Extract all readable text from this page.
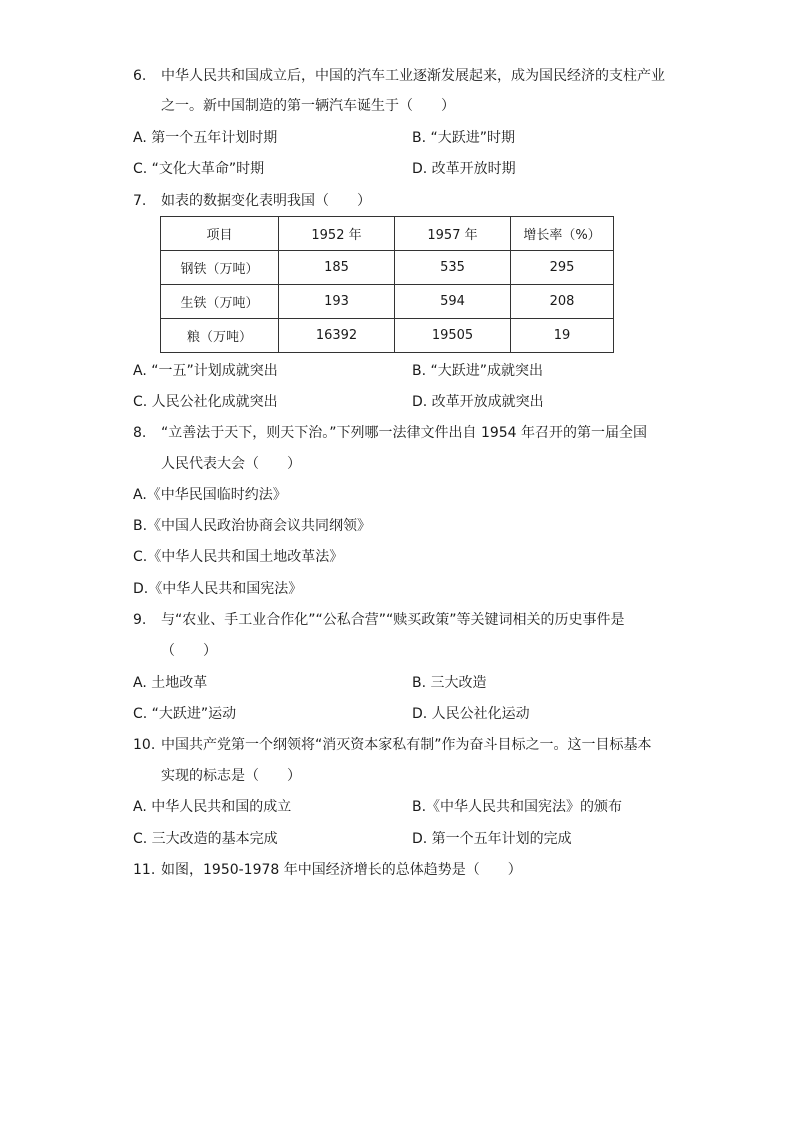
6. 中华人民共和国成立后，中国的汽车工业逐渐发展起来，成为国民经济的支柱产业
之一。新中国制造的第一辆汽车诞生于（　　）
A. 第一个五年计划时期	B. “大跃进”时期
C. “文化大革命”时期	D. 改革开放时期
7. 如表的数据变化表明我国（　　）
项目	1952 年	1957 年	增长率（%）
钢铁（万吨）	185	535	295
生铁（万吨）	193	594	208
粮（万吨）	16392	19505	19
A. “一五”计划成就突出	B. “大跃进”成就突出
C. 人民公社化成就突出	D. 改革开放成就突出
8. “立善法于天下，则天下治。”下列哪一法律文件出自 1954 年召开的第一届全国
人民代表大会（　　）
A.《中华民国临时约法》
B.《中国人民政治协商会议共同纲领》
C.《中华人民共和国土地改革法》
D.《中华人民共和国宪法》
9. 与“农业、手工业合作化”“公私合营”“赎买政策”等关键词相关的历史事件是
（　　）
A. 土地改革	B. 三大改造
C. “大跃进”运动	D. 人民公社化运动
10. 中国共产党第一个纲领将“消灭资本家私有制”作为奋斗目标之一。这一目标基本
实现的标志是（　　）
A. 中华人民共和国的成立	B.《中华人民共和国宪法》的颁布
C. 三大改造的基本完成	D. 第一个五年计划的完成
11. 如图，1950-1978 年中国经济增长的总体趋势是（　　）
